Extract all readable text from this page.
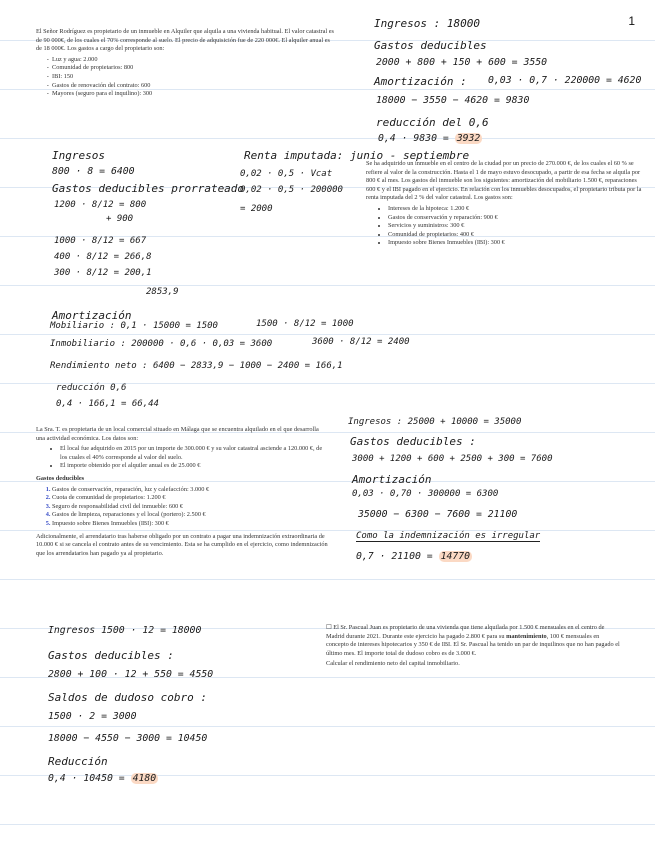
1

El Señor Rodríguez es propietario de un inmueble en Alquiler que alquila a una vivienda habitual. El valor catastral es de 90 000€, de los cuales el 70% corresponde al suelo. El precio de adquisición fue de 220 000€. El alquiler anual es de 18 000€. Los gastos a cargo del propietario son:

- Luz y agua: 2.000
- Comunidad de propietarios: 800
- IBI: 150
- Gastos de renovación del contrato: 600
- Mayores (seguro para el inquilino): 300
Ingresos : 18000
Gastos deducibles
2000 + 800 + 150 + 600 = 3550
Amortización : 0,03 · 0,7 · 220000 = 4620
18000 − 3550 − 4620 = 9830
reducción del 0,6
0,4 · 9830 = 3932

Se ha adquirido un inmueble en el centro de la ciudad por un precio de 270.000 €, de los cuales el 60 % se refiere al valor de la construcción. Hasta el 1 de mayo estuvo desocupado, a partir de esa fecha se alquila por 800 € al mes. Los gastos del inmueble son los siguientes: amortización del mobiliario 1.500 €, reparaciones 600 € y el IBI pagado en el ejercicio. En relación con los inmuebles desocupados, el propietario tributa por la renta imputada del 2 % del valor catastral. Los gastos son:

• Intereses de la hipoteca: 1.200 €
• Gastos de conservación y reparación: 900 €
• Servicios y suministros: 300 €
• Comunidad de propietarios: 400 €
• Impuesto sobre Bienes Inmuebles (IBI): 300 €
Ingresos
800 · 8 = 6400
Gastos deducibles prorrateado
1200 · 8/12 = 800
+ 900
1000 · 8/12 = 667
400 · 8/12 = 266,8
300 · 8/12 = 200,1
2853,9
Renta imputada: junio - septiembre
0,02 · 0,5 · Vcat
0,02 · 0,5 · 200000
= 2000
Amortización
Mobiliario : 0,1 · 15000 = 1500	1500 · 8/12 = 1000
Inmobiliario : 200000 · 0,6 · 0,03 = 3600	3600 · 8/12 = 2400
Rendimiento neto : 6400 − 2833,9 − 1000 − 2400 = 166,1
reducción 0,6
0,4 · 166,1 = 66,44

La Sra. T. es propietaria de un local comercial situado en Málaga que se encuentra alquilado en el que desarrolla una actividad económica. Los datos son:

• El local fue adquirido en 2015 por un importe de 300.000 € y su valor catastral asciende a 120.000 €, de los cuales el 40% corresponde al valor del suelo.
• El importe obtenido por el alquiler anual es de 25.000 €
Gastos deducibles
1. Gastos de conservación, reparación, luz y calefacción: 3.000 €
2. Cuota de comunidad de propietarios: 1.200 €
3. Seguro de responsabilidad civil del inmueble: 600 €
4. Gastos de limpieza, reparaciones y el local (portero): 2.500 €
5. Impuesto sobre Bienes Inmuebles (IBI): 300 €

Adicionalmente, el arrendatario tras haberse obligado por un contrato a pagar una indemnización extraordinaria de 10.000 € si se cancela el contrato antes de su vencimiento. Esta se ha cumplido en el ejercicio, como indemnización que los arrendatarios han pagado ya al propietario.

Ingresos : 25000 + 10000 = 35000
Gastos deducibles :
3000 + 1200 + 600 + 2500 + 300 = 7600
Amortización
0,03 · 0,70 · 300000 = 6300
35000 − 6300 − 7600 = 21100
Como la indemnización es irregular
0,7 · 21100 = 14770

☐ El Sr. Pascual Juan es propietario de una vivienda que tiene alquilada por 1.500 € mensuales en el centro de Madrid durante 2021. Durante este ejercicio ha pagado 2.800 € para su mantenimiento, 100 € mensuales en concepto de intereses hipotecarios y 350 € de IBI. El Sr. Pascual ha tenido un par de inquilinos que no han pagado el último mes. El importe total de dudoso cobro es de 3.000 €.

Calcular el rendimiento neto del capital inmobiliario.

Ingresos 1500 · 12 = 18000
Gastos deducibles :
2800 + 100 · 12 + 550 = 4550
Saldos de dudoso cobro :
1500 · 2 = 3000
18000 − 4550 − 3000 = 10450
Reducción
0,4 · 10450 = 4180
